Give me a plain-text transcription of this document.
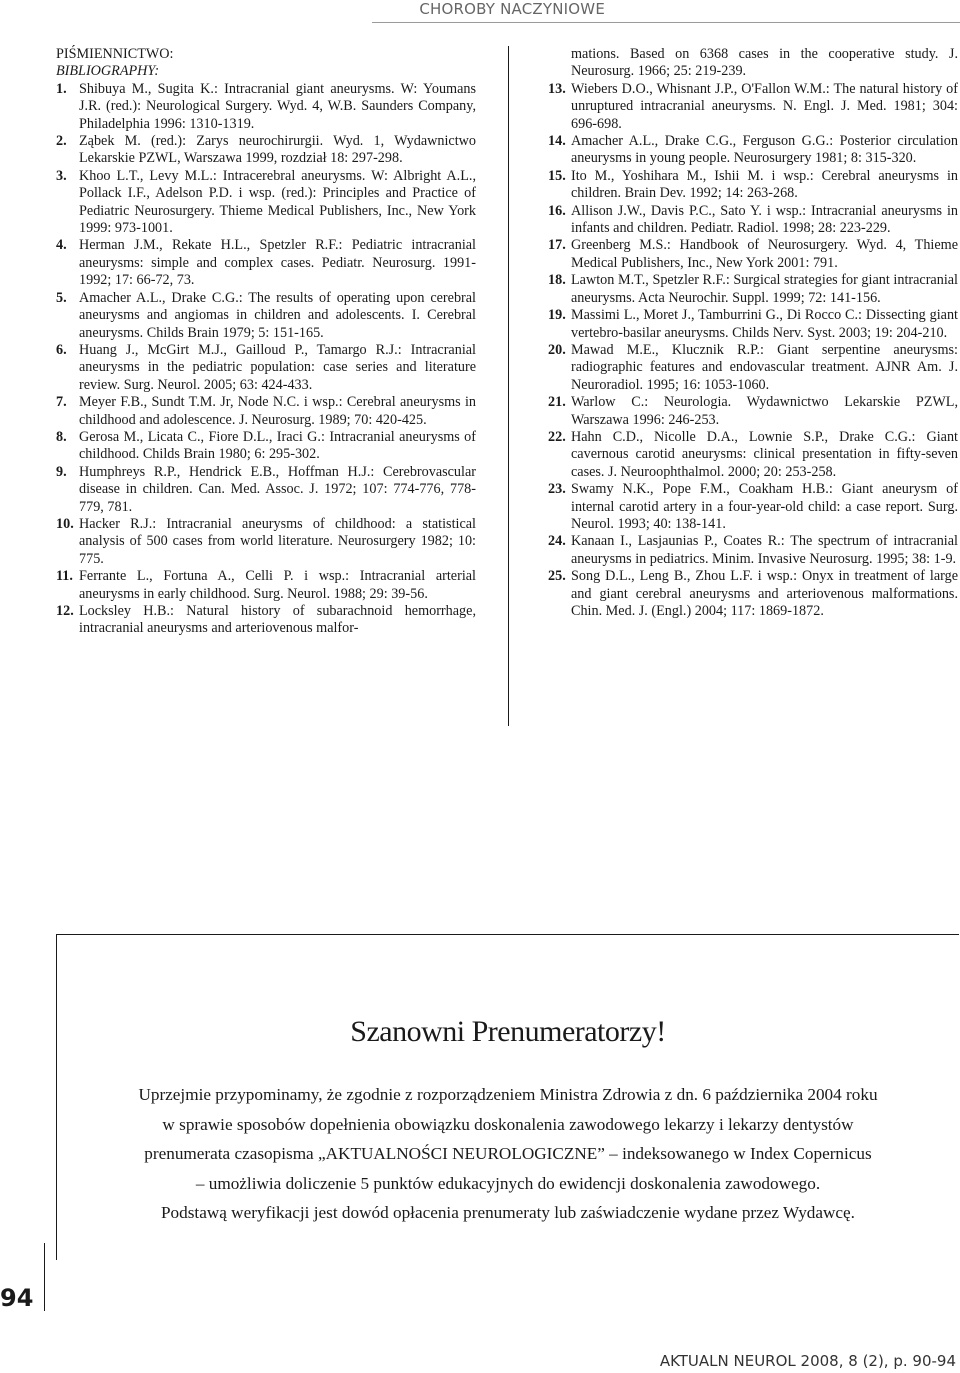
CHOROBY NACZYNIOWE
PIŚMIENNICTWO:
BIBLIOGRAPHY:
1. Shibuya M., Sugita K.: Intracranial giant aneurysms. W: Youmans J.R. (red.): Neurological Surgery. Wyd. 4, W.B. Saunders Company, Philadelphia 1996: 1310-1319.
2. Ząbek M. (red.): Zarys neurochirurgii. Wyd. 1, Wydawnictwo Lekarskie PZWL, Warszawa 1999, rozdział 18: 297-298.
3. Khoo L.T., Levy M.L.: Intracerebral aneurysms. W: Albright A.L., Pollack I.F., Adelson P.D. i wsp. (red.): Principles and Practice of Pediatric Neurosurgery. Thieme Medical Publishers, Inc., New York 1999: 973-1001.
4. Herman J.M., Rekate H.L., Spetzler R.F.: Pediatric intracranial aneurysms: simple and complex cases. Pediatr. Neurosurg. 1991-1992; 17: 66-72, 73.
5. Amacher A.L., Drake C.G.: The results of operating upon cerebral aneurysms and angiomas in children and adolescents. I. Cerebral aneurysms. Childs Brain 1979; 5: 151-165.
6. Huang J., McGirt M.J., Gailloud P., Tamargo R.J.: Intracranial aneurysms in the pediatric population: case series and literature review. Surg. Neurol. 2005; 63: 424-433.
7. Meyer F.B., Sundt T.M. Jr, Node N.C. i wsp.: Cerebral aneurysms in childhood and adolescence. J. Neurosurg. 1989; 70: 420-425.
8. Gerosa M., Licata C., Fiore D.L., Iraci G.: Intracranial aneurysms of childhood. Childs Brain 1980; 6: 295-302.
9. Humphreys R.P., Hendrick E.B., Hoffman H.J.: Cerebrovascular disease in children. Can. Med. Assoc. J. 1972; 107: 774-776, 778-779, 781.
10. Hacker R.J.: Intracranial aneurysms of childhood: a statistical analysis of 500 cases from world literature. Neurosurgery 1982; 10: 775.
11. Ferrante L., Fortuna A., Celli P. i wsp.: Intracranial arterial aneurysms in early childhood. Surg. Neurol. 1988; 29: 39-56.
12. Locksley H.B.: Natural history of subarachnoid hemorrhage, intracranial aneurysms and arteriovenous malfor-
mations. Based on 6368 cases in the cooperative study. J. Neurosurg. 1966; 25: 219-239.
13. Wiebers D.O., Whisnant J.P., O'Fallon W.M.: The natural history of unruptured intracranial aneurysms. N. Engl. J. Med. 1981; 304: 696-698.
14. Amacher A.L., Drake C.G., Ferguson G.G.: Posterior circulation aneurysms in young people. Neurosurgery 1981; 8: 315-320.
15. Ito M., Yoshihara M., Ishii M. i wsp.: Cerebral aneurysms in children. Brain Dev. 1992; 14: 263-268.
16. Allison J.W., Davis P.C., Sato Y. i wsp.: Intracranial aneurysms in infants and children. Pediatr. Radiol. 1998; 28: 223-229.
17. Greenberg M.S.: Handbook of Neurosurgery. Wyd. 4, Thieme Medical Publishers, Inc., New York 2001: 791.
18. Lawton M.T., Spetzler R.F.: Surgical strategies for giant intracranial aneurysms. Acta Neurochir. Suppl. 1999; 72: 141-156.
19. Massimi L., Moret J., Tamburrini G., Di Rocco C.: Dissecting giant vertebro-basilar aneurysms. Childs Nerv. Syst. 2003; 19: 204-210.
20. Mawad M.E., Klucznik R.P.: Giant serpentine aneurysms: radiographic features and endovascular treatment. AJNR Am. J. Neuroradiol. 1995; 16: 1053-1060.
21. Warlow C.: Neurologia. Wydawnictwo Lekarskie PZWL, Warszawa 1996: 246-253.
22. Hahn C.D., Nicolle D.A., Lownie S.P., Drake C.G.: Giant cavernous carotid aneurysms: clinical presentation in fifty-seven cases. J. Neuroophthalmol. 2000; 20: 253-258.
23. Swamy N.K., Pope F.M., Coakham H.B.: Giant aneurysm of internal carotid artery in a four-year-old child: a case report. Surg. Neurol. 1993; 40: 138-141.
24. Kanaan I., Lasjaunias P., Coates R.: The spectrum of intracranial aneurysms in pediatrics. Minim. Invasive Neurosurg. 1995; 38: 1-9.
25. Song D.L., Leng B., Zhou L.F. i wsp.: Onyx in treatment of large and giant cerebral aneurysms and arteriovenous malformations. Chin. Med. J. (Engl.) 2004; 117: 1869-1872.
Szanowni Prenumeratorzy!

Uprzejmie przypominamy, że zgodnie z rozporządzeniem Ministra Zdrowia z dn. 6 października 2004 roku

w sprawie sposobów dopełnienia obowiązku doskonalenia zawodowego lekarzy i lekarzy dentystów

prenumerata czasopisma „AKTUALNOŚCI NEUROLOGICZNE” – indeksowanego w Index Copernicus

– umożliwia doliczenie 5 punktów edukacyjnych do ewidencji doskonalenia zawodowego.

Podstawą weryfikacji jest dowód opłacenia prenumeraty lub zaświadczenie wydane przez Wydawcę.

94
AKTUALN NEUROL 2008, 8 (2), p. 90-94
